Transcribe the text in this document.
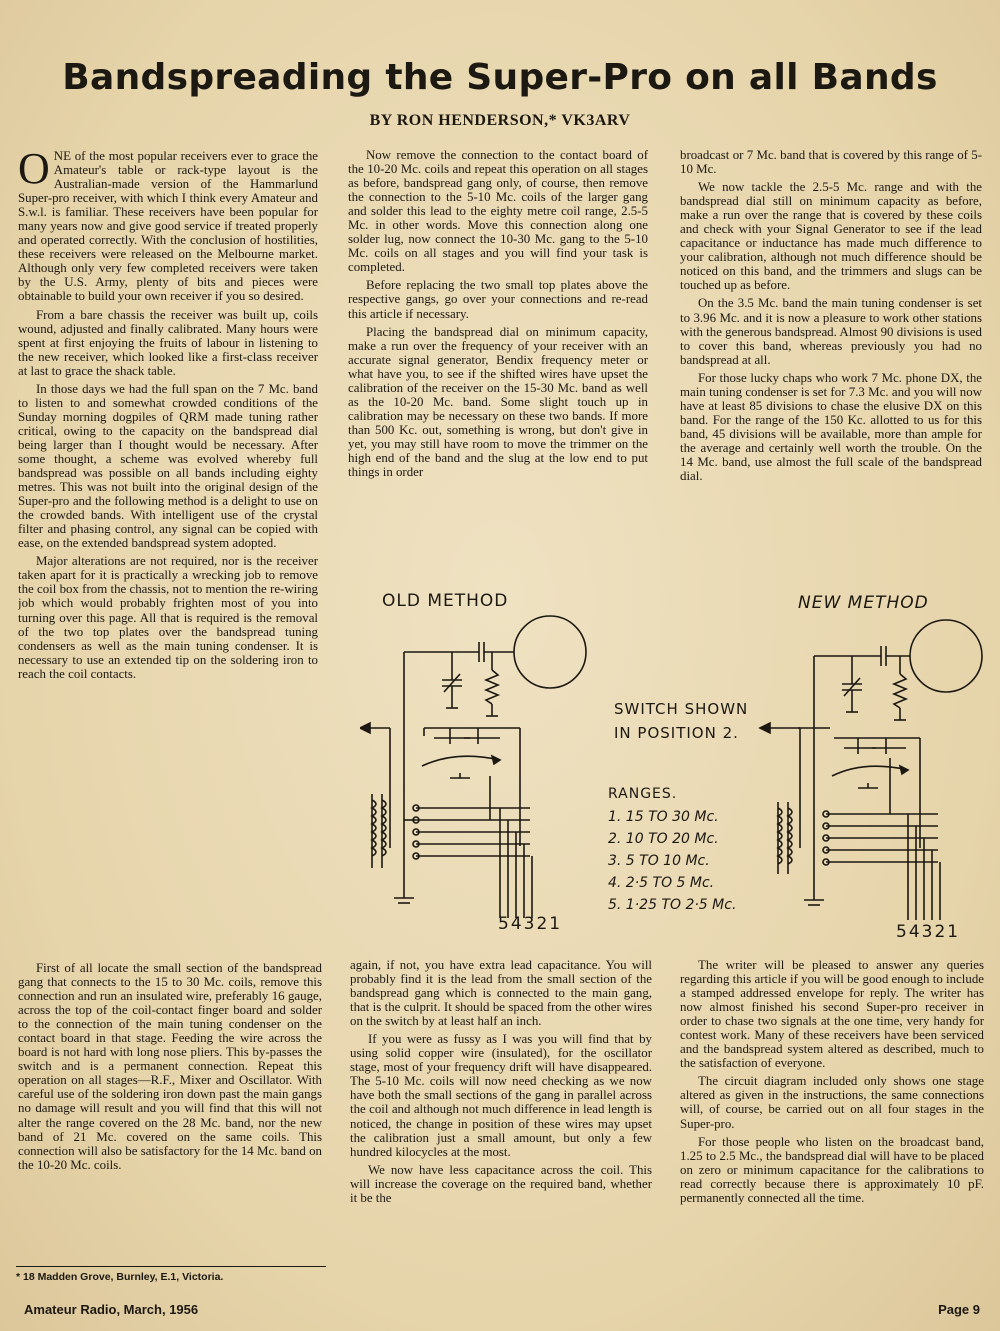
Bandspreading the Super-Pro on all Bands
BY RON HENDERSON,* VK3ARV

ONE of the most popular receivers ever to grace the Amateur's table or rack-type layout is the Australian-made version of the Hammarlund Super-pro receiver, with which I think every Amateur and S.w.l. is familiar. These receivers have been popular for many years now and give good service if treated properly and operated correctly. With the conclusion of hostilities, these receivers were released on the Melbourne market. Although only very few completed receivers were taken by the U.S. Army, plenty of bits and pieces were obtainable to build your own receiver if you so desired.

From a bare chassis the receiver was built up, coils wound, adjusted and finally calibrated. Many hours were spent at first enjoying the fruits of labour in listening to the new receiver, which looked like a first-class receiver at last to grace the shack table.

In those days we had the full span on the 7 Mc. band to listen to and somewhat crowded conditions of the Sunday morning dogpiles of QRM made tuning rather critical, owing to the capacity on the bandspread dial being larger than I thought would be necessary. After some thought, a scheme was evolved whereby full bandspread was possible on all bands including eighty metres. This was not built into the original design of the Super-pro and the following method is a delight to use on the crowded bands. With intelligent use of the crystal filter and phasing control, any signal can be copied with ease, on the extended bandspread system adopted.

Major alterations are not required, nor is the receiver taken apart for it is practically a wrecking job to remove the coil box from the chassis, not to mention the re-wiring job which would probably frighten most of you into turning over this page. All that is required is the removal of the two top plates over the bandspread tuning condensers as well as the main tuning condenser. It is necessary to use an extended tip on the soldering iron to reach the coil contacts.

First of all locate the small section of the bandspread gang that connects to the 15 to 30 Mc. coils, remove this connection and run an insulated wire, preferably 16 gauge, across the top of the coil-contact finger board and solder to the connection of the main tuning condenser on the contact board in that stage. Feeding the wire across the board is not hard with long nose pliers. This by-passes the switch and is a permanent connection. Repeat this operation on all stages—R.F., Mixer and Oscillator. With careful use of the soldering iron down past the main gangs no damage will result and you will find that this will not alter the range covered on the 28 Mc. band, nor the new band of 21 Mc. covered on the same coils. This connection will also be satisfactory for the 14 Mc. band on the 10-20 Mc. coils.

Now remove the connection to the contact board of the 10-20 Mc. coils and repeat this operation on all stages as before, bandspread gang only, of course, then remove the connection to the 5-10 Mc. coils of the larger gang and solder this lead to the eighty metre coil range, 2.5-5 Mc. in other words. Move this connection along one solder lug, now connect the 10-30 Mc. gang to the 5-10 Mc. coils on all stages and you will find your task is completed.

Before replacing the two small top plates above the respective gangs, go over your connections and re-read this article if necessary.

Placing the bandspread dial on minimum capacity, make a run over the frequency of your receiver with an accurate signal generator, Bendix frequency meter or what have you, to see if the shifted wires have upset the calibration of the receiver on the 15-30 Mc. band as well as the 10-20 Mc. band. Some slight touch up in calibration may be necessary on these two bands. If more than 500 Kc. out, something is wrong, but don't give in yet, you may still have room to move the trimmer on the high end of the band and the slug at the low end to put things in order

broadcast or 7 Mc. band that is covered by this range of 5-10 Mc.

We now tackle the 2.5-5 Mc. range and with the bandspread dial still on minimum capacity as before, make a run over the range that is covered by these coils and check with your Signal Generator to see if the lead capacitance or inductance has made much difference to your calibration, although not much difference should be noticed on this band, and the trimmers and slugs can be touched up as before.

On the 3.5 Mc. band the main tuning condenser is set to 3.96 Mc. and it is now a pleasure to work other stations with the generous bandspread. Almost 90 divisions is used to cover this band, whereas previously you had no bandspread at all.

For those lucky chaps who work 7 Mc. phone DX, the main tuning condenser is set for 7.3 Mc. and you will now have at least 85 divisions to chase the elusive DX on this band. For the range of the 150 Kc. allotted to us for this band, 45 divisions will be available, more than ample for the average and certainly well worth the trouble. On the 14 Mc. band, use almost the full scale of the bandspread dial.

again, if not, you have extra lead capacitance. You will probably find it is the lead from the small section of the bandspread gang which is connected to the main gang, that is the culprit. It should be spaced from the other wires on the switch by at least half an inch.

If you were as fussy as I was you will find that by using solid copper wire (insulated), for the oscillator stage, most of your frequency drift will have disappeared. The 5-10 Mc. coils will now need checking as we now have both the small sections of the gang in parallel across the coil and although not much difference in lead length is noticed, the change in position of these wires may upset the calibration just a small amount, but only a few hundred kilocycles at the most.

We now have less capacitance across the coil. This will increase the coverage on the required band, whether it be the

The writer will be pleased to answer any queries regarding this article if you will be good enough to include a stamped addressed envelope for reply. The writer has now almost finished his second Super-pro receiver in order to chase two signals at the one time, very handy for contest work. Many of these receivers have been serviced and the bandspread system altered as described, much to the satisfaction of everyone.

The circuit diagram included only shows one stage altered as given in the instructions, the same connections will, of course, be carried out on all four stages in the Super-pro.

For those people who listen on the broadcast band, 1.25 to 2.5 Mc., the bandspread dial will have to be placed on zero or minimum capacitance for the calibrations to read correctly because there is approximately 10 pF. permanently connected all the time.

OLD METHOD	NEW METHOD
SWITCH SHOWN
IN POSITION 2.
RANGES.
1. 15 TO 30 Mc.
2. 10 TO 20 Mc.
3. 5 TO 10 Mc.
4. 2·5 TO 5 Mc.
5. 1·25 TO 2·5 Mc.
54321	54321
* 18 Madden Grove, Burnley, E.1, Victoria.
Amateur Radio, March, 1956	Page 9
